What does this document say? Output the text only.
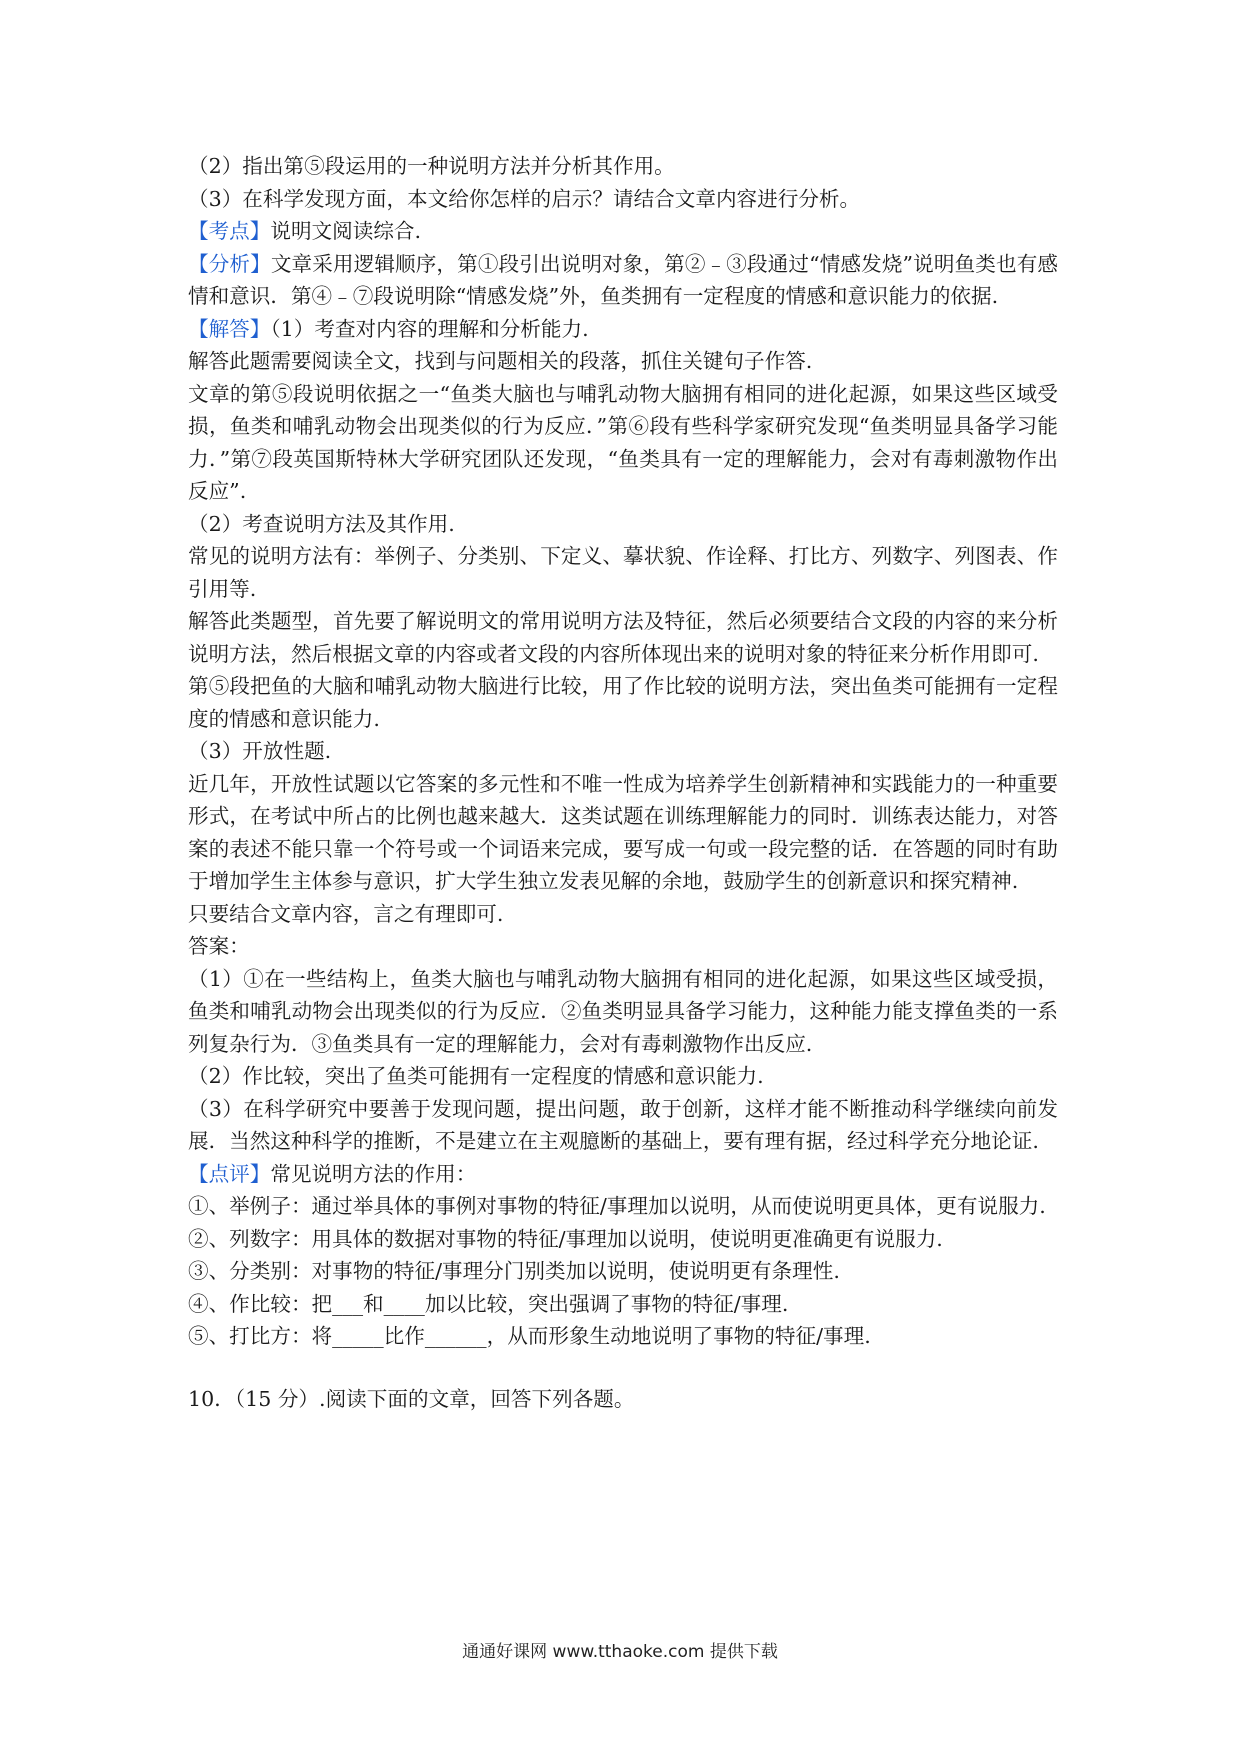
（2）指出第⑤段运用的一种说明方法并分析其作用。
（3）在科学发现方面，本文给你怎样的启示？请结合文章内容进行分析。
【考点】说明文阅读综合.
【分析】文章采用逻辑顺序，第①段引出说明对象，第②﹣③段通过“情感发烧”说明鱼类也有感情和意识．第④﹣⑦段说明除“情感发烧”外，鱼类拥有一定程度的情感和意识能力的依据.
【解答】（1）考查对内容的理解和分析能力.
解答此题需要阅读全文，找到与问题相关的段落，抓住关键句子作答.
文章的第⑤段说明依据之一“鱼类大脑也与哺乳动物大脑拥有相同的进化起源，如果这些区域受损，鱼类和哺乳动物会出现类似的行为反应．”第⑥段有些科学家研究发现“鱼类明显具备学习能力．”第⑦段英国斯特林大学研究团队还发现，“鱼类具有一定的理解能力，会对有毒刺激物作出反应”.
（2）考查说明方法及其作用.
常见的说明方法有：举例子、分类别、下定义、摹状貌、作诠释、打比方、列数字、列图表、作引用等.
解答此类题型，首先要了解说明文的常用说明方法及特征，然后必须要结合文段的内容的来分析说明方法，然后根据文章的内容或者文段的内容所体现出来的说明对象的特征来分析作用即可.
第⑤段把鱼的大脑和哺乳动物大脑进行比较，用了作比较的说明方法，突出鱼类可能拥有一定程度的情感和意识能力.
（3）开放性题.
近几年，开放性试题以它答案的多元性和不唯一性成为培养学生创新精神和实践能力的一种重要形式，在考试中所占的比例也越来越大．这类试题在训练理解能力的同时．训练表达能力，对答案的表述不能只靠一个符号或一个词语来完成，要写成一句或一段完整的话．在答题的同时有助于增加学生主体参与意识，扩大学生独立发表见解的余地，鼓励学生的创新意识和探究精神.
只要结合文章内容，言之有理即可.
答案：
（1）①在一些结构上，鱼类大脑也与哺乳动物大脑拥有相同的进化起源，如果这些区域受损，鱼类和哺乳动物会出现类似的行为反应．②鱼类明显具备学习能力，这种能力能支撑鱼类的一系列复杂行为．③鱼类具有一定的理解能力，会对有毒刺激物作出反应.
（2）作比较，突出了鱼类可能拥有一定程度的情感和意识能力.
（3）在科学研究中要善于发现问题，提出问题，敢于创新，这样才能不断推动科学继续向前发展．当然这种科学的推断，不是建立在主观臆断的基础上，要有理有据，经过科学充分地论证.
【点评】常见说明方法的作用：
①、举例子：通过举具体的事例对事物的特征/事理加以说明，从而使说明更具体，更有说服力.
②、列数字：用具体的数据对事物的特征/事理加以说明，使说明更准确更有说服力.
③、分类别：对事物的特征/事理分门别类加以说明，使说明更有条理性.
④、作比较：把___和____加以比较，突出强调了事物的特征/事理.
⑤、打比方：将_____比作______，从而形象生动地说明了事物的特征/事理.
10．（15 分）.阅读下面的文章，回答下列各题。
通通好课网 www.tthaoke.com 提供下载
